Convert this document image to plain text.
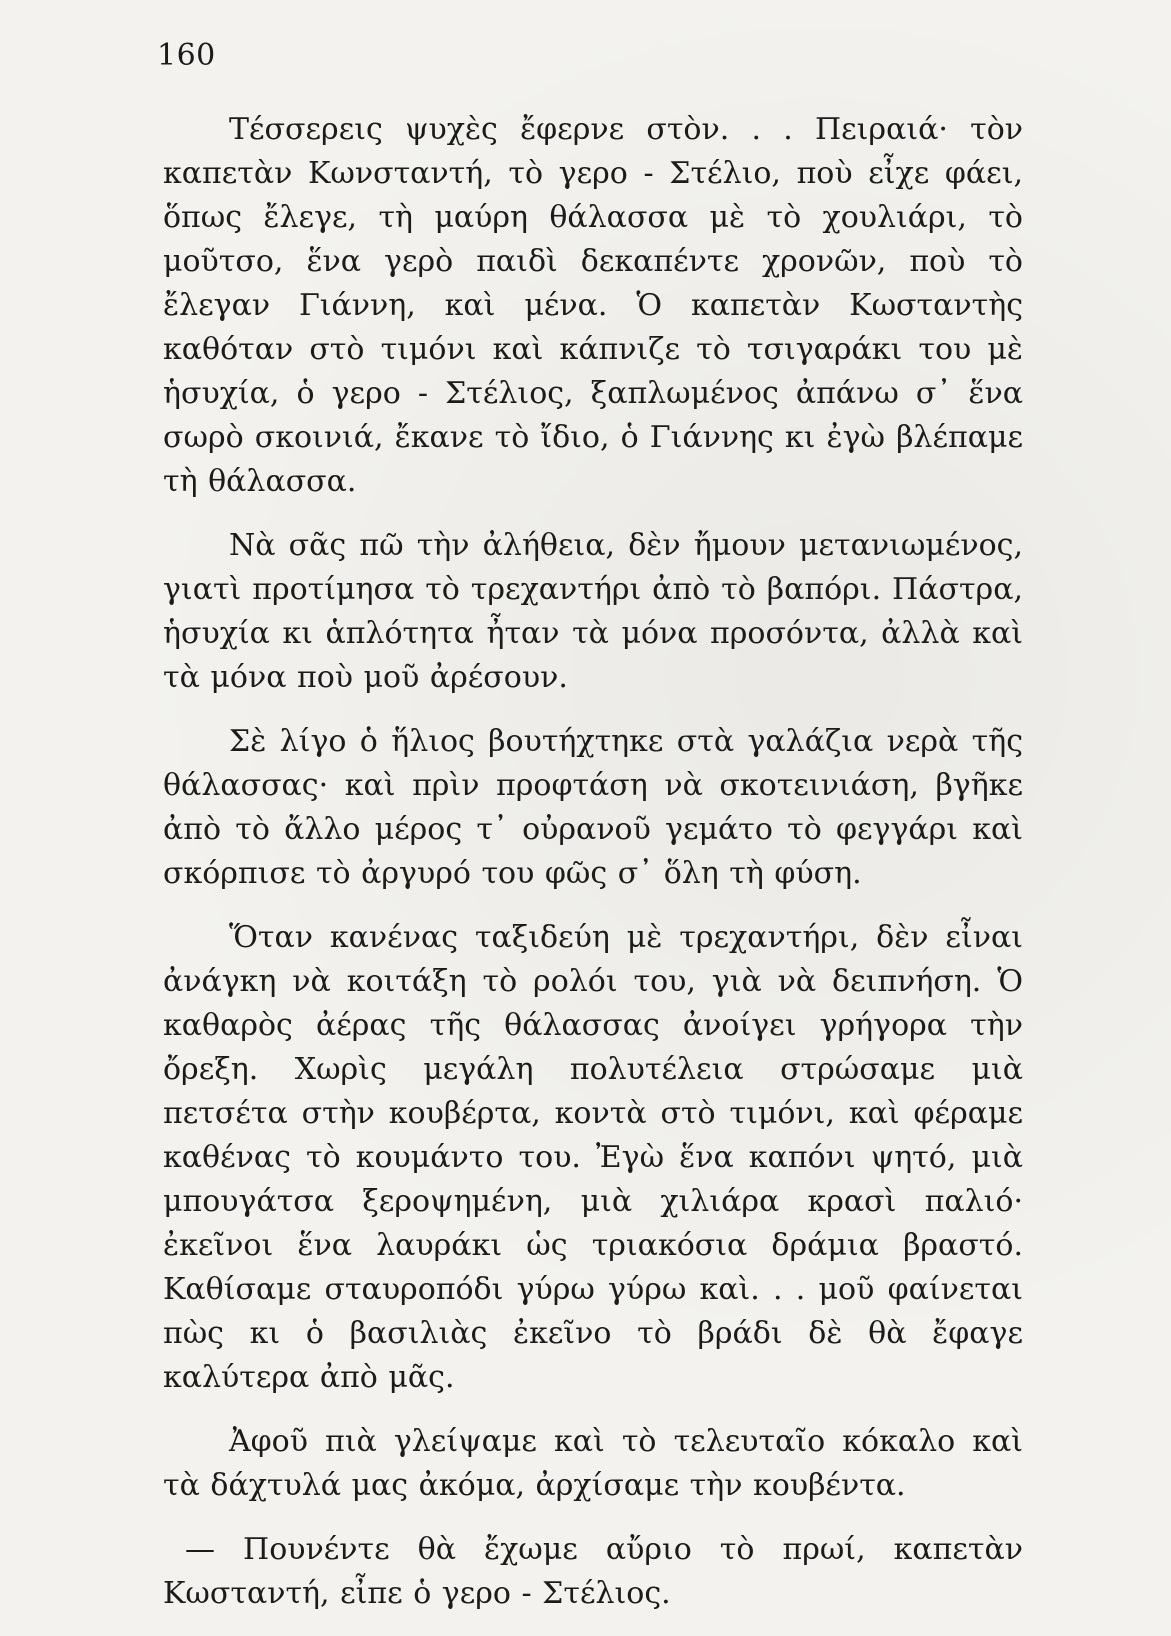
160

Τέσσερεις ψυχὲς ἔφερνε στὸν. . . Πειραιά· τὸν καπετὰν Κωνσταντή, τὸ γερο - Στέλιο, ποὺ εἶχε φάει, ὅπως ἔλεγε, τὴ μαύρη θάλασσα μὲ τὸ χουλιάρι, τὸ μοῦτσο, ἕνα γερὸ παιδὶ δεκαπέντε χρονῶν, ποὺ τὸ ἔλεγαν Γιάννη, καὶ μένα. Ὁ καπετὰν Κωσταντὴς καθόταν στὸ τιμόνι καὶ κάπνιζε τὸ τσιγαράκι του μὲ ἡσυχία, ὁ γερο - Στέλιος, ξαπλωμένος ἀπάνω σ᾿ ἕνα σωρὸ σκοινιά, ἔκανε τὸ ἴδιο, ὁ Γιάννης κι ἐγὼ βλέπαμε τὴ θάλασσα.

Νὰ σᾶς πῶ τὴν ἀλήθεια, δὲν ἤμουν μετανιωμένος, γιατὶ προτίμησα τὸ τρεχαντήρι ἀπὸ τὸ βαπόρι. Πάστρα, ἡσυχία κι ἁπλότητα ἦταν τὰ μόνα προσόντα, ἀλλὰ καὶ τὰ μόνα ποὺ μοῦ ἀρέσουν.

Σὲ λίγο ὁ ἥλιος βουτήχτηκε στὰ γαλάζια νερὰ τῆς θάλασσας· καὶ πρὶν προφτάση νὰ σκοτεινιάση, βγῆκε ἀπὸ τὸ ἄλλο μέρος τ᾿ οὐρανοῦ γεμάτο τὸ φεγγάρι καὶ σκόρπισε τὸ ἀργυρό του φῶς σ᾿ ὅλη τὴ φύση.

Ὅταν κανένας ταξιδεύη μὲ τρεχαντήρι, δὲν εἶναι ἀνάγκη νὰ κοιτάξη τὸ ρολόι του, γιὰ νὰ δειπνήση. Ὁ καθαρὸς ἀέρας τῆς θάλασσας ἀνοίγει γρήγορα τὴν ὄρεξη. Χωρὶς μεγάλη πολυτέλεια στρώσαμε μιὰ πετσέτα στὴν κουβέρτα, κοντὰ στὸ τιμόνι, καὶ φέραμε καθένας τὸ κουμάντο του. Ἐγὼ ἕνα καπόνι ψητό, μιὰ μπουγάτσα ξεροψημένη, μιὰ χιλιάρα κρασὶ παλιό· ἐκεῖνοι ἕνα λαυράκι ὡς τριακόσια δράμια βραστό. Καθίσαμε σταυροπόδι γύρω γύρω καὶ. . . μοῦ φαίνεται πὼς κι ὁ βασιλιὰς ἐκεῖνο τὸ βράδι δὲ θὰ ἔφαγε καλύτερα ἀπὸ μᾶς.

Ἀφοῦ πιὰ γλείψαμε καὶ τὸ τελευταῖο κόκαλο καὶ τὰ δάχτυλά μας ἀκόμα, ἀρχίσαμε τὴν κουβέντα.

— Πουνέντε θὰ ἔχωμε αὔριο τὸ πρωί, καπετὰν Κωσταντή, εἶπε ὁ γερο - Στέλιος.
